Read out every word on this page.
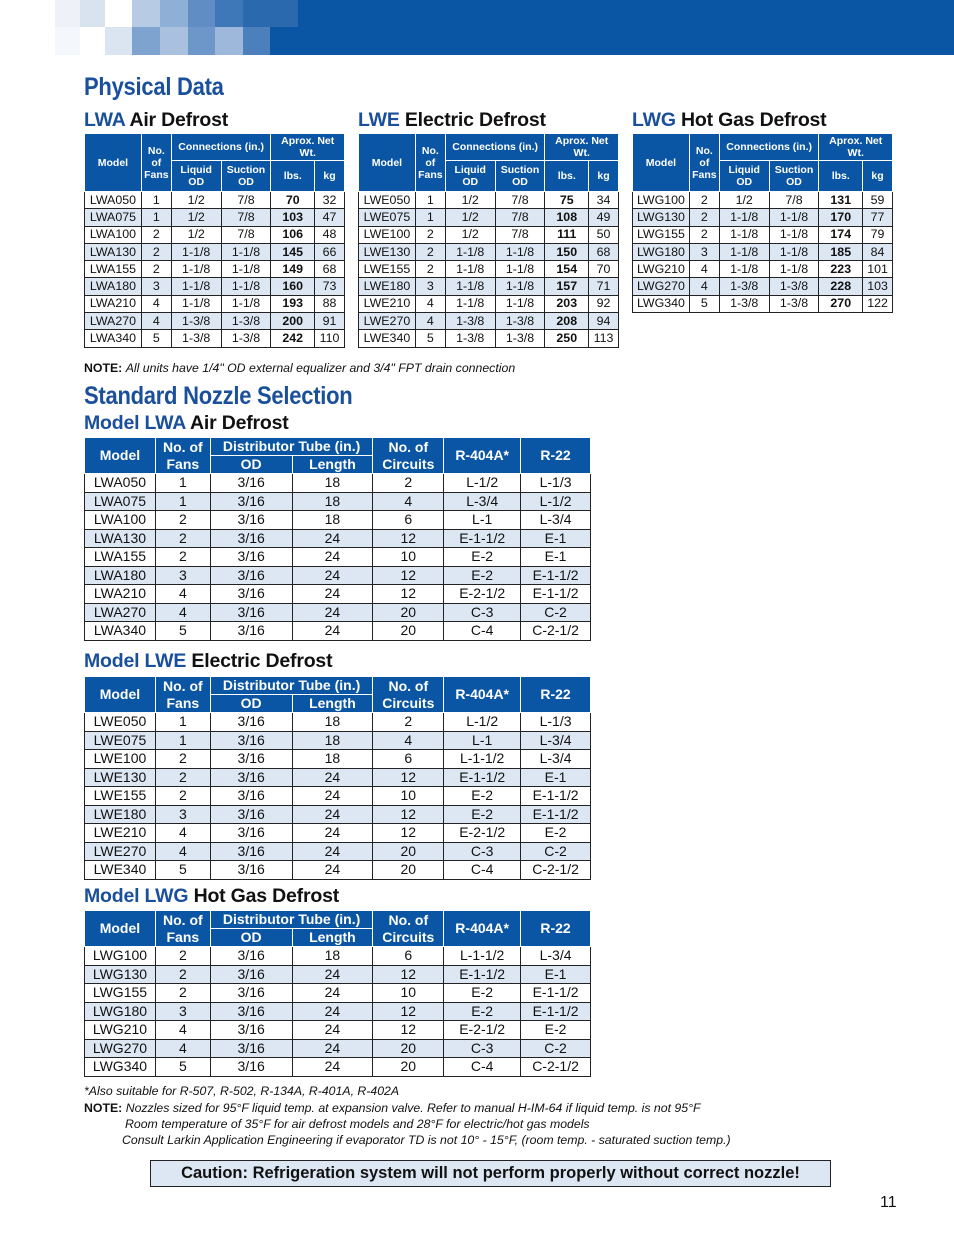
Physical Data
LWA Air Defrost	LWE Electric Defrost	LWG Hot Gas Defrost
Model	No. of Fans	Connections (in.)		Aprox. Net Wt.	
		Liquid OD	Suction OD	lbs.	kg
LWA050	1	1/2	7/8	70	32
LWA075	1	1/2	7/8	103	47
LWA100	2	1/2	7/8	106	48
LWA130	2	1-1/8	1-1/8	145	66
LWA155	2	1-1/8	1-1/8	149	68
LWA180	3	1-1/8	1-1/8	160	73
LWA210	4	1-1/8	1-1/8	193	88
LWA270	4	1-3/8	1-3/8	200	91
LWA340	5	1-3/8	1-3/8	242	110
Model	No. of Fans	Connections (in.)		Aprox. Net Wt.	
		Liquid OD	Suction OD	lbs.	kg
LWE050	1	1/2	7/8	75	34
LWE075	1	1/2	7/8	108	49
LWE100	2	1/2	7/8	111	50
LWE130	2	1-1/8	1-1/8	150	68
LWE155	2	1-1/8	1-1/8	154	70
LWE180	3	1-1/8	1-1/8	157	71
LWE210	4	1-1/8	1-1/8	203	92
LWE270	4	1-3/8	1-3/8	208	94
LWE340	5	1-3/8	1-3/8	250	113
Model	No. of Fans	Connections (in.)		Aprox. Net Wt.	
		Liquid OD	Suction OD	lbs.	kg
LWG100	2	1/2	7/8	131	59
LWG130	2	1-1/8	1-1/8	170	77
LWG155	2	1-1/8	1-1/8	174	79
LWG180	3	1-1/8	1-1/8	185	84
LWG210	4	1-1/8	1-1/8	223	101
LWG270	4	1-3/8	1-3/8	228	103
LWG340	5	1-3/8	1-3/8	270	122
NOTE: All units have 1/4" OD external equalizer and 3/4" FPT drain connection
Standard Nozzle Selection
Model LWA Air Defrost
Model	No. of Fans	Distributor Tube (in.)		No. of Circuits	R-404A*	R-22
		OD	Length			
LWA050	1	3/16	18	2	L-1/2	L-1/3
LWA075	1	3/16	18	4	L-3/4	L-1/2
LWA100	2	3/16	18	6	L-1	L-3/4
LWA130	2	3/16	24	12	E-1-1/2	E-1
LWA155	2	3/16	24	10	E-2	E-1
LWA180	3	3/16	24	12	E-2	E-1-1/2
LWA210	4	3/16	24	12	E-2-1/2	E-1-1/2
LWA270	4	3/16	24	20	C-3	C-2
LWA340	5	3/16	24	20	C-4	C-2-1/2
Model LWE Electric Defrost
Model	No. of Fans	Distributor Tube (in.)		No. of Circuits	R-404A*	R-22
		OD	Length			
LWE050	1	3/16	18	2	L-1/2	L-1/3
LWE075	1	3/16	18	4	L-1	L-3/4
LWE100	2	3/16	18	6	L-1-1/2	L-3/4
LWE130	2	3/16	24	12	E-1-1/2	E-1
LWE155	2	3/16	24	10	E-2	E-1-1/2
LWE180	3	3/16	24	12	E-2	E-1-1/2
LWE210	4	3/16	24	12	E-2-1/2	E-2
LWE270	4	3/16	24	20	C-3	C-2
LWE340	5	3/16	24	20	C-4	C-2-1/2
Model LWG Hot Gas Defrost
Model	No. of Fans	Distributor Tube (in.)		No. of Circuits	R-404A*	R-22
		OD	Length			
LWG100	2	3/16	18	6	L-1-1/2	L-3/4
LWG130	2	3/16	24	12	E-1-1/2	E-1
LWG155	2	3/16	24	10	E-2	E-1-1/2
LWG180	3	3/16	24	12	E-2	E-1-1/2
LWG210	4	3/16	24	12	E-2-1/2	E-2
LWG270	4	3/16	24	20	C-3	C-2
LWG340	5	3/16	24	20	C-4	C-2-1/2
*Also suitable for R-507, R-502, R-134A, R-401A, R-402A
NOTE: Nozzles sized for 95°F liquid temp. at expansion valve. Refer to manual H-IM-64 if liquid temp. is not 95°F
Room temperature of 35°F for air defrost models and 28°F for electric/hot gas models
Consult Larkin Application Engineering if evaporator TD is not 10° - 15°F, (room temp. - saturated suction temp.)
Caution: Refrigeration system will not perform properly without correct nozzle!
11
